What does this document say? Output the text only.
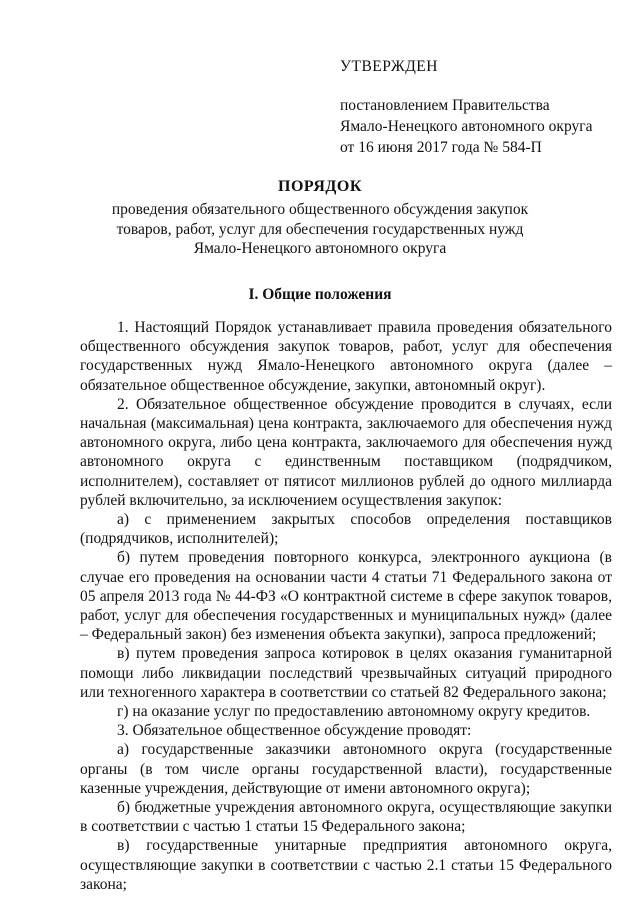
УТВЕРЖДЕН
постановлением Правительства
Ямало-Ненецкого автономного округа
от 16 июня 2017 года № 584-П
ПОРЯДОК
проведения обязательного общественного обсуждения закупок
товаров, работ, услуг для обеспечения государственных нужд
Ямало-Ненецкого автономного округа
I. Общие положения

1. Настоящий Порядок устанавливает правила проведения обязательного общественного обсуждения закупок товаров, работ, услуг для обеспечения государственных нужд Ямало-Ненецкого автономного округа (далее – обязательное общественное обсуждение, закупки, автономный округ).

2. Обязательное общественное обсуждение проводится в случаях, если начальная (максимальная) цена контракта, заключаемого для обеспечения нужд автономного округа, либо цена контракта, заключаемого для обеспечения нужд автономного округа с единственным поставщиком (подрядчиком, исполнителем), составляет от пятисот миллионов рублей до одного миллиарда рублей включительно, за исключением осуществления закупок:

а) с применением закрытых способов определения поставщиков (подрядчиков, исполнителей);

б) путем проведения повторного конкурса, электронного аукциона (в случае его проведения на основании части 4 статьи 71 Федерального закона от 05 апреля 2013 года № 44-ФЗ «О контрактной системе в сфере закупок товаров, работ, услуг для обеспечения государственных и муниципальных нужд» (далее – Федеральный закон) без изменения объекта закупки), запроса предложений;

в) путем проведения запроса котировок в целях оказания гуманитарной помощи либо ликвидации последствий чрезвычайных ситуаций природного или техногенного характера в соответствии со статьей 82 Федерального закона;

г) на оказание услуг по предоставлению автономному округу кредитов.

3. Обязательное общественное обсуждение проводят:

а) государственные заказчики автономного округа (государственные органы (в том числе органы государственной власти), государственные казенные учреждения, действующие от имени автономного округа);

б) бюджетные учреждения автономного округа, осуществляющие закупки в соответствии с частью 1 статьи 15 Федерального закона;

в) государственные унитарные предприятия автономного округа, осуществляющие закупки в соответствии с частью 2.1 статьи 15 Федерального закона;
